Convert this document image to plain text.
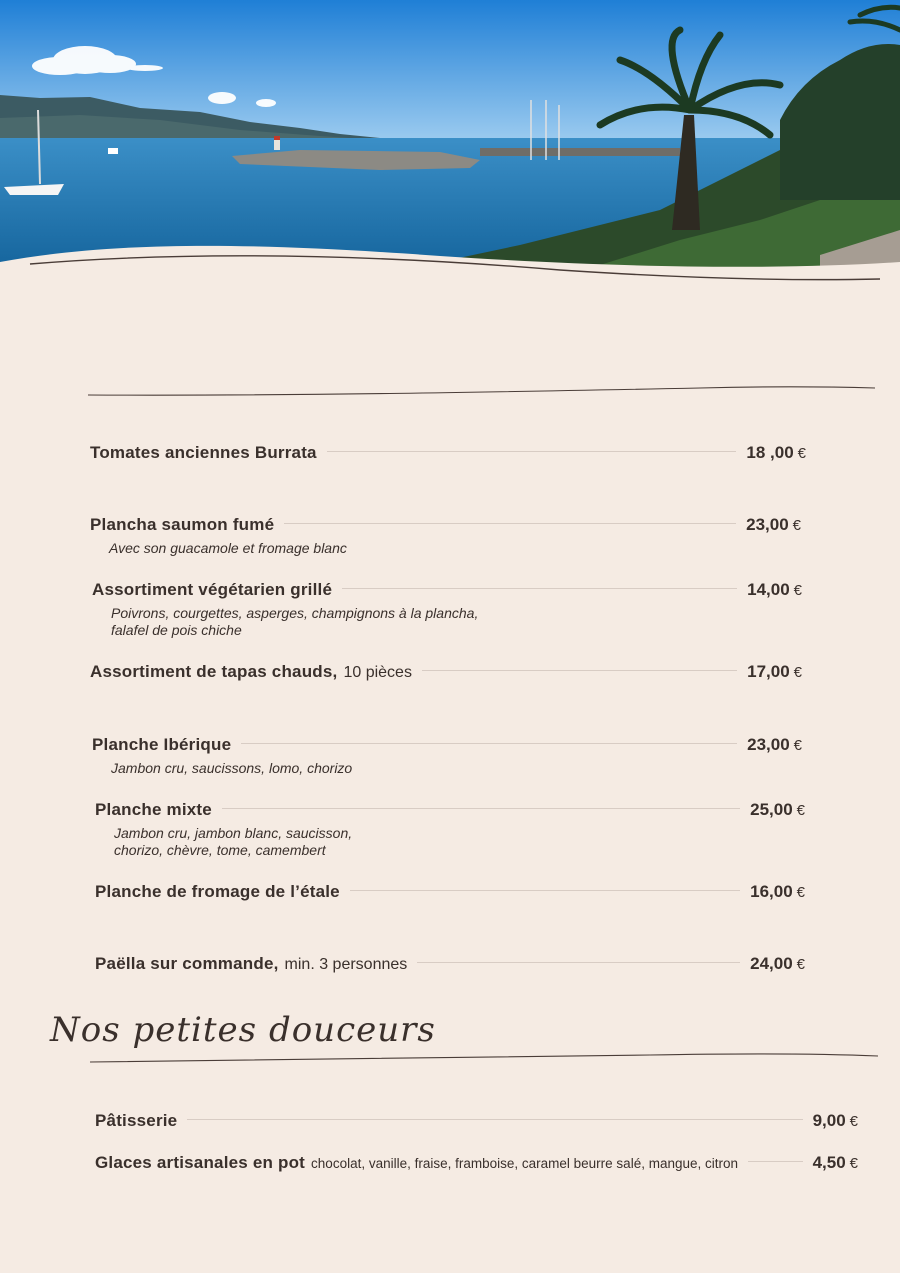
Tomates anciennes Burrata	18 ,00 €
Plancha saumon fumé	23,00 €
Avec son guacamole et fromage blanc
Assortiment végétarien grillé	14,00 €
Poivrons, courgettes, asperges, champignons à la plancha,
falafel de pois chiche
Assortiment de tapas chauds, 10 pièces	17,00 €
Planche Ibérique	23,00 €
Jambon cru, saucissons, lomo, chorizo
Planche mixte	25,00 €
Jambon cru, jambon blanc, saucisson,
chorizo, chèvre, tome, camembert
Planche de fromage de l’étale	16,00 €
Paëlla sur commande, min. 3 personnes	24,00 €
Nos petites douceurs
Pâtisserie	9,00 €
Glaces artisanales en pot chocolat, vanille, fraise, framboise, caramel beurre salé, mangue, citron	4,50 €
